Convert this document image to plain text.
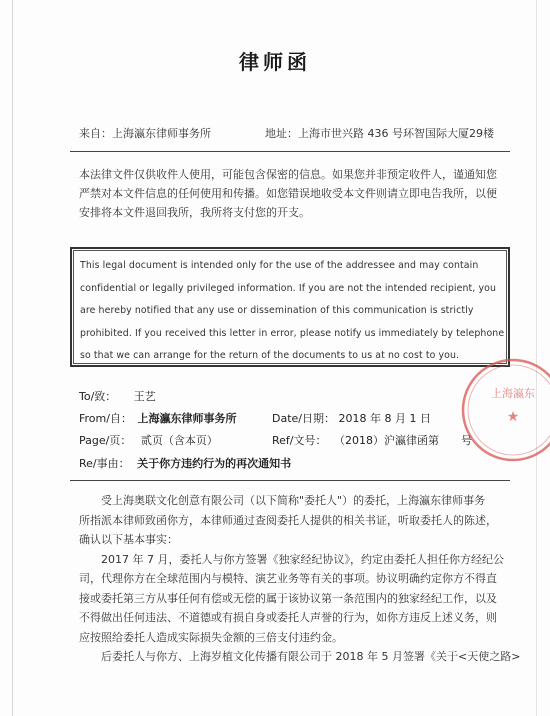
律师函
来自：上海瀛东律师事务所	地址：上海市世兴路 436 号环智国际大厦29楼
本法律文件仅供收件人使用，可能包含保密的信息。如果您并非预定收件人，谨通知您
严禁对本文件信息的任何使用和传播。如您错误地收受本文件则请立即电告我所，以便
安排将本文件退回我所，我所将支付您的开支。
This legal document is intended only for the use of the addressee and may contain
confidential or legally privileged information. If you are not the intended recipient, you
are hereby notified that any use or dissemination of this communication is strictly
prohibited. If you received this letter in error, please notify us immediately by telephone
so that we can arrange for the return of the documents to us at no cost to you.
To/致： 王艺
From/自： 上海瀛东律师事务所	Date/日期： 2018 年 8 月 1 日
Page/页： 贰页（含本页）	Ref/文号： （2018）沪瀛律函第　　号
Re/事由： 关于你方违约行为的再次通知书
受上海奥联文化创意有限公司（以下简称"委托人"）的委托，上海瀛东律师事务
所指派本律师致函你方，本律师通过查阅委托人提供的相关书证，听取委托人的陈述，
确认以下基本事实：
2017 年 7 月，委托人与你方签署《独家经纪协议》，约定由委托人担任你方经纪公
司，代理你方在全球范围内与模特、演艺业务等有关的事项。协议明确约定你方不得直
接或委托第三方从事任何有偿或无偿的属于该协议第一条范围内的独家经纪工作，以及
不得做出任何违法、不道德或有损自身或委托人声誉的行为，如你方违反上述义务，则
应按照给委托人造成实际损失金额的三倍支付违约金。
后委托人与你方、上海岁植文化传播有限公司于 2018 年 5 月签署《关于<天使之路>
上海瀛东
★
